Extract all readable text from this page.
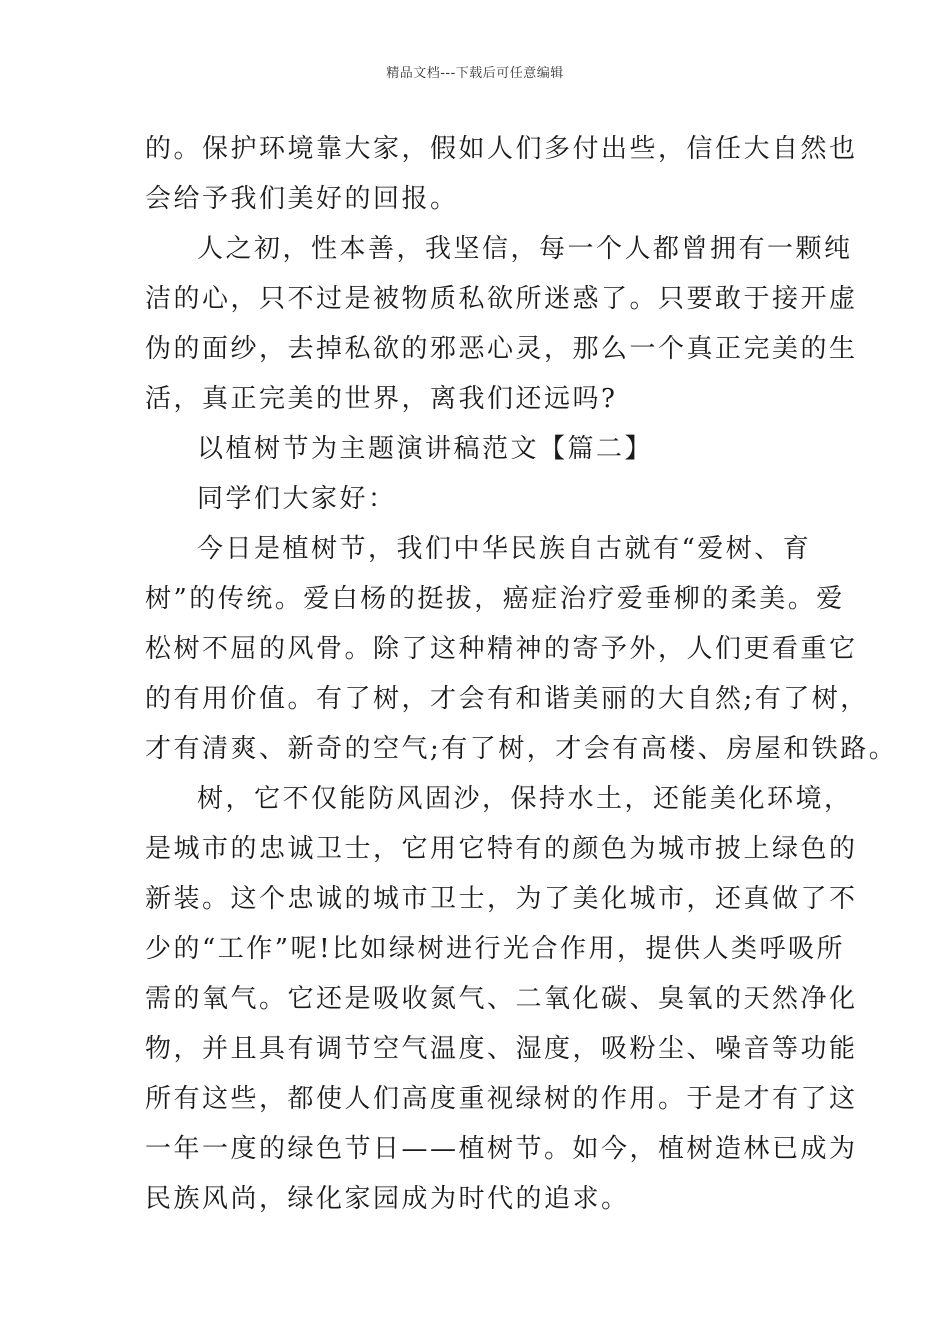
精品文档---下载后可任意编辑
的。保护环境靠大家，假如人们多付出些，信任大自然也
会给予我们美好的回报。
人之初，性本善，我坚信，每一个人都曾拥有一颗纯
洁的心，只不过是被物质私欲所迷惑了。只要敢于接开虚
伪的面纱，去掉私欲的邪恶心灵，那么一个真正完美的生
活，真正完美的世界，离我们还远吗?
以植树节为主题演讲稿范文【篇二】
同学们大家好：
今日是植树节，我们中华民族自古就有“爱树、育
树”的传统。爱白杨的挺拔，癌症治疗爱垂柳的柔美。爱
松树不屈的风骨。除了这种精神的寄予外，人们更看重它
的有用价值。有了树，才会有和谐美丽的大自然;有了树，
才有清爽、新奇的空气;有了树，才会有高楼、房屋和铁路。
树，它不仅能防风固沙，保持水土，还能美化环境，
是城市的忠诚卫士，它用它特有的颜色为城市披上绿色的
新装。这个忠诚的城市卫士，为了美化城市，还真做了不
少的“工作”呢!比如绿树进行光合作用，提供人类呼吸所
需的氧气。它还是吸收氮气、二氧化碳、臭氧的天然净化
物，并且具有调节空气温度、湿度，吸粉尘、噪音等功能
所有这些，都使人们高度重视绿树的作用。于是才有了这
一年一度的绿色节日——植树节。如今，植树造林已成为
民族风尚，绿化家园成为时代的追求。
